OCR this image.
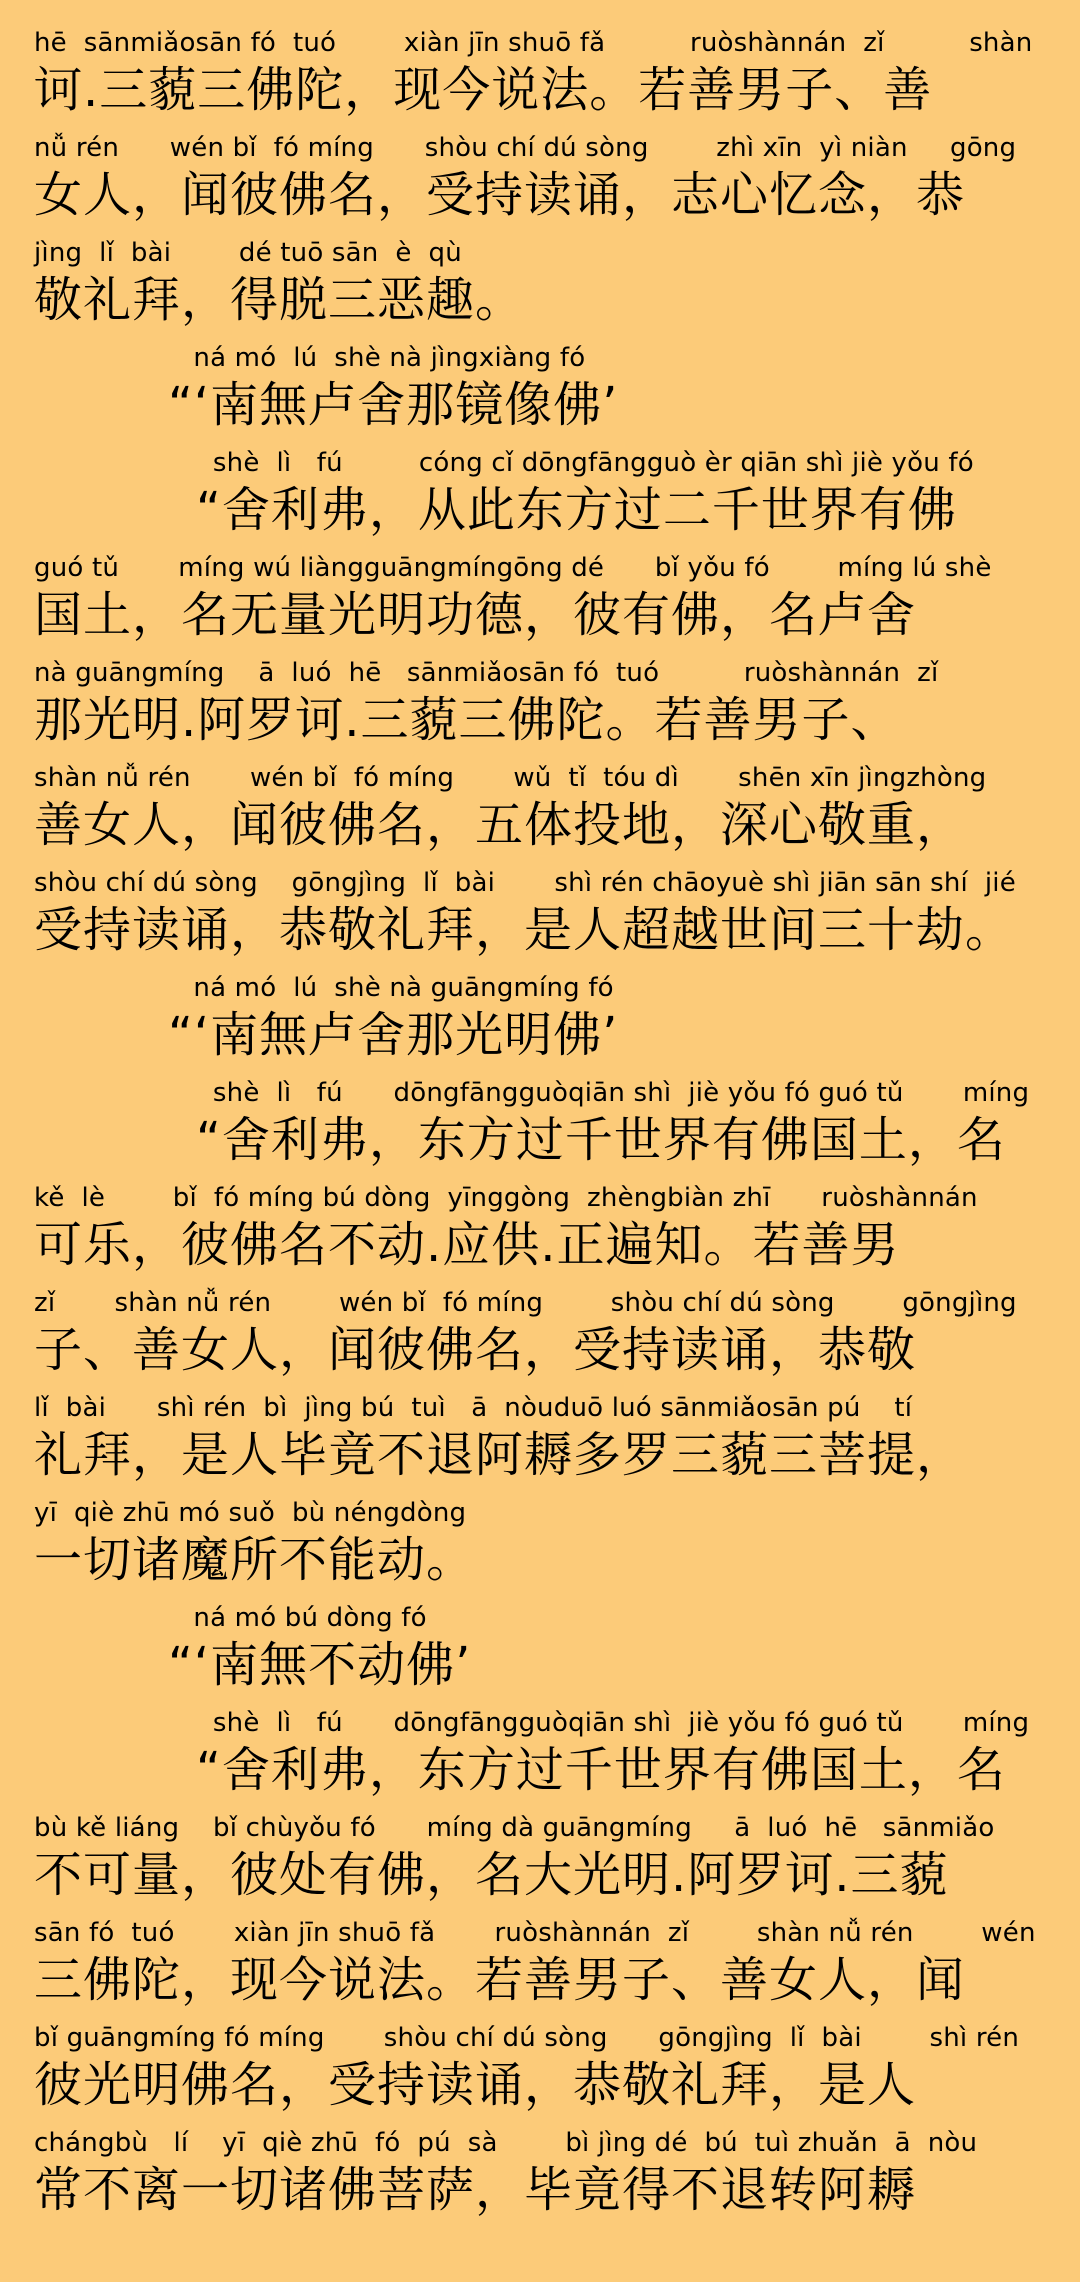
hē  sānmiǎosān fó  tuó        xiàn jīn shuō fǎ          ruòshànnán  zǐ          shàn
诃.三藐三佛陀，现今说法。若善男子、善
nǚ rén      wén bǐ  fó míng      shòu chí dú sòng        zhì xīn  yì niàn     gōng
女人，闻彼佛名，受持读诵，志心忆念，恭
jìng  lǐ  bài        dé tuō sān  è  qù
敬礼拜，得脱三恶趣。
ná mó  lú  shè nà jìngxiàng fó
“‘南無卢舍那镜像佛’
shè  lì   fú         cóng cǐ dōngfāngguò èr qiān shì jiè yǒu fó
“舍利弗，从此东方过二千世界有佛
guó tǔ       míng wú liàngguāngmíngōng dé      bǐ yǒu fó        míng lú shè
国土，名无量光明功德，彼有佛，名卢舍
nà guāngmíng    ā  luó  hē   sānmiǎosān fó  tuó          ruòshànnán  zǐ
那光明.阿罗诃.三藐三佛陀。若善男子、
shàn nǚ rén       wén bǐ  fó míng       wǔ  tǐ  tóu dì       shēn xīn jìngzhòng
善女人，闻彼佛名，五体投地，深心敬重，
shòu chí dú sòng    gōngjìng  lǐ  bài       shì rén chāoyuè shì jiān sān shí  jié
受持读诵，恭敬礼拜，是人超越世间三十劫。
ná mó  lú  shè nà guāngmíng fó
“‘南無卢舍那光明佛’
shè  lì   fú      dōngfāngguòqiān shì  jiè yǒu fó guó tǔ       míng
“舍利弗，东方过千世界有佛国土，名
kě  lè        bǐ  fó míng bú dòng  yīnggòng  zhèngbiàn zhī      ruòshànnán
可乐，彼佛名不动.应供.正遍知。若善男
zǐ       shàn nǚ rén        wén bǐ  fó míng        shòu chí dú sòng        gōngjìng
子、善女人，闻彼佛名，受持读诵，恭敬
lǐ  bài      shì rén  bì  jìng bú  tuì   ā  nòuduō luó sānmiǎosān pú    tí
礼拜，是人毕竟不退阿耨多罗三藐三菩提，
yī  qiè zhū mó suǒ  bù néngdòng
一切诸魔所不能动。
ná mó bú dòng fó
“‘南無不动佛’
shè  lì   fú      dōngfāngguòqiān shì  jiè yǒu fó guó tǔ       míng
“舍利弗，东方过千世界有佛国土，名
bù kě liáng    bǐ chùyǒu fó      míng dà guāngmíng     ā  luó  hē   sānmiǎo
不可量，彼处有佛，名大光明.阿罗诃.三藐
sān fó  tuó       xiàn jīn shuō fǎ       ruòshànnán  zǐ        shàn nǚ rén        wén
三佛陀，现今说法。若善男子、善女人，闻
bǐ guāngmíng fó míng       shòu chí dú sòng      gōngjìng  lǐ  bài        shì rén
彼光明佛名，受持读诵，恭敬礼拜，是人
chángbù   lí    yī  qiè zhū  fó  pú  sà        bì jìng dé  bú  tuì zhuǎn  ā  nòu
常不离一切诸佛菩萨，毕竟得不退转阿耨
